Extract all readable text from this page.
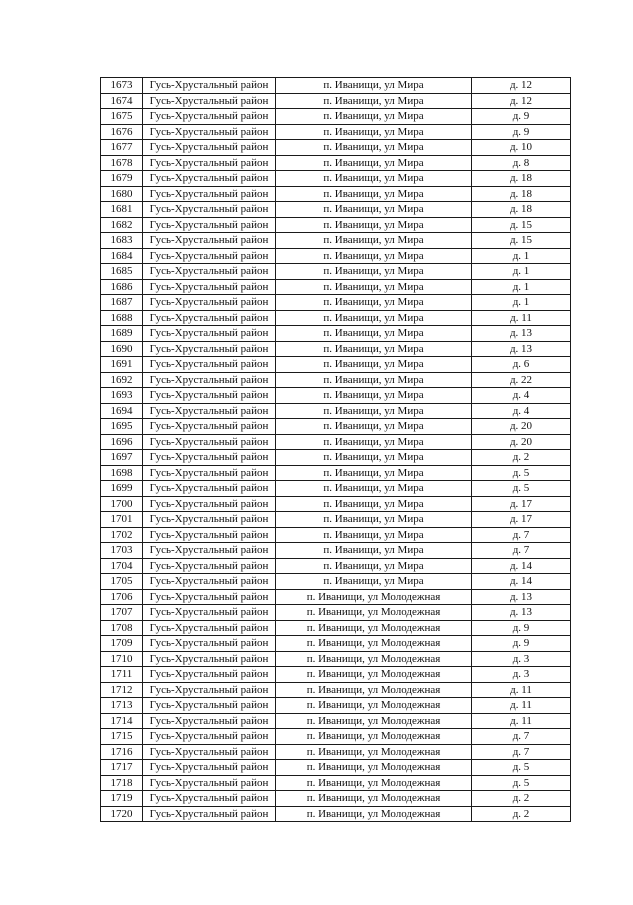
1673	Гусь-Хрустальный район	п. Иванищи, ул Мира	д. 12
1674	Гусь-Хрустальный район	п. Иванищи, ул Мира	д. 12
1675	Гусь-Хрустальный район	п. Иванищи, ул Мира	д. 9
1676	Гусь-Хрустальный район	п. Иванищи, ул Мира	д. 9
1677	Гусь-Хрустальный район	п. Иванищи, ул Мира	д. 10
1678	Гусь-Хрустальный район	п. Иванищи, ул Мира	д. 8
1679	Гусь-Хрустальный район	п. Иванищи, ул Мира	д. 18
1680	Гусь-Хрустальный район	п. Иванищи, ул Мира	д. 18
1681	Гусь-Хрустальный район	п. Иванищи, ул Мира	д. 18
1682	Гусь-Хрустальный район	п. Иванищи, ул Мира	д. 15
1683	Гусь-Хрустальный район	п. Иванищи, ул Мира	д. 15
1684	Гусь-Хрустальный район	п. Иванищи, ул Мира	д. 1
1685	Гусь-Хрустальный район	п. Иванищи, ул Мира	д. 1
1686	Гусь-Хрустальный район	п. Иванищи, ул Мира	д. 1
1687	Гусь-Хрустальный район	п. Иванищи, ул Мира	д. 1
1688	Гусь-Хрустальный район	п. Иванищи, ул Мира	д. 11
1689	Гусь-Хрустальный район	п. Иванищи, ул Мира	д. 13
1690	Гусь-Хрустальный район	п. Иванищи, ул Мира	д. 13
1691	Гусь-Хрустальный район	п. Иванищи, ул Мира	д. 6
1692	Гусь-Хрустальный район	п. Иванищи, ул Мира	д. 22
1693	Гусь-Хрустальный район	п. Иванищи, ул Мира	д. 4
1694	Гусь-Хрустальный район	п. Иванищи, ул Мира	д. 4
1695	Гусь-Хрустальный район	п. Иванищи, ул Мира	д. 20
1696	Гусь-Хрустальный район	п. Иванищи, ул Мира	д. 20
1697	Гусь-Хрустальный район	п. Иванищи, ул Мира	д. 2
1698	Гусь-Хрустальный район	п. Иванищи, ул Мира	д. 5
1699	Гусь-Хрустальный район	п. Иванищи, ул Мира	д. 5
1700	Гусь-Хрустальный район	п. Иванищи, ул Мира	д. 17
1701	Гусь-Хрустальный район	п. Иванищи, ул Мира	д. 17
1702	Гусь-Хрустальный район	п. Иванищи, ул Мира	д. 7
1703	Гусь-Хрустальный район	п. Иванищи, ул Мира	д. 7
1704	Гусь-Хрустальный район	п. Иванищи, ул Мира	д. 14
1705	Гусь-Хрустальный район	п. Иванищи, ул Мира	д. 14
1706	Гусь-Хрустальный район	п. Иванищи, ул Молодежная	д. 13
1707	Гусь-Хрустальный район	п. Иванищи, ул Молодежная	д. 13
1708	Гусь-Хрустальный район	п. Иванищи, ул Молодежная	д. 9
1709	Гусь-Хрустальный район	п. Иванищи, ул Молодежная	д. 9
1710	Гусь-Хрустальный район	п. Иванищи, ул Молодежная	д. 3
1711	Гусь-Хрустальный район	п. Иванищи, ул Молодежная	д. 3
1712	Гусь-Хрустальный район	п. Иванищи, ул Молодежная	д. 11
1713	Гусь-Хрустальный район	п. Иванищи, ул Молодежная	д. 11
1714	Гусь-Хрустальный район	п. Иванищи, ул Молодежная	д. 11
1715	Гусь-Хрустальный район	п. Иванищи, ул Молодежная	д. 7
1716	Гусь-Хрустальный район	п. Иванищи, ул Молодежная	д. 7
1717	Гусь-Хрустальный район	п. Иванищи, ул Молодежная	д. 5
1718	Гусь-Хрустальный район	п. Иванищи, ул Молодежная	д. 5
1719	Гусь-Хрустальный район	п. Иванищи, ул Молодежная	д. 2
1720	Гусь-Хрустальный район	п. Иванищи, ул Молодежная	д. 2
